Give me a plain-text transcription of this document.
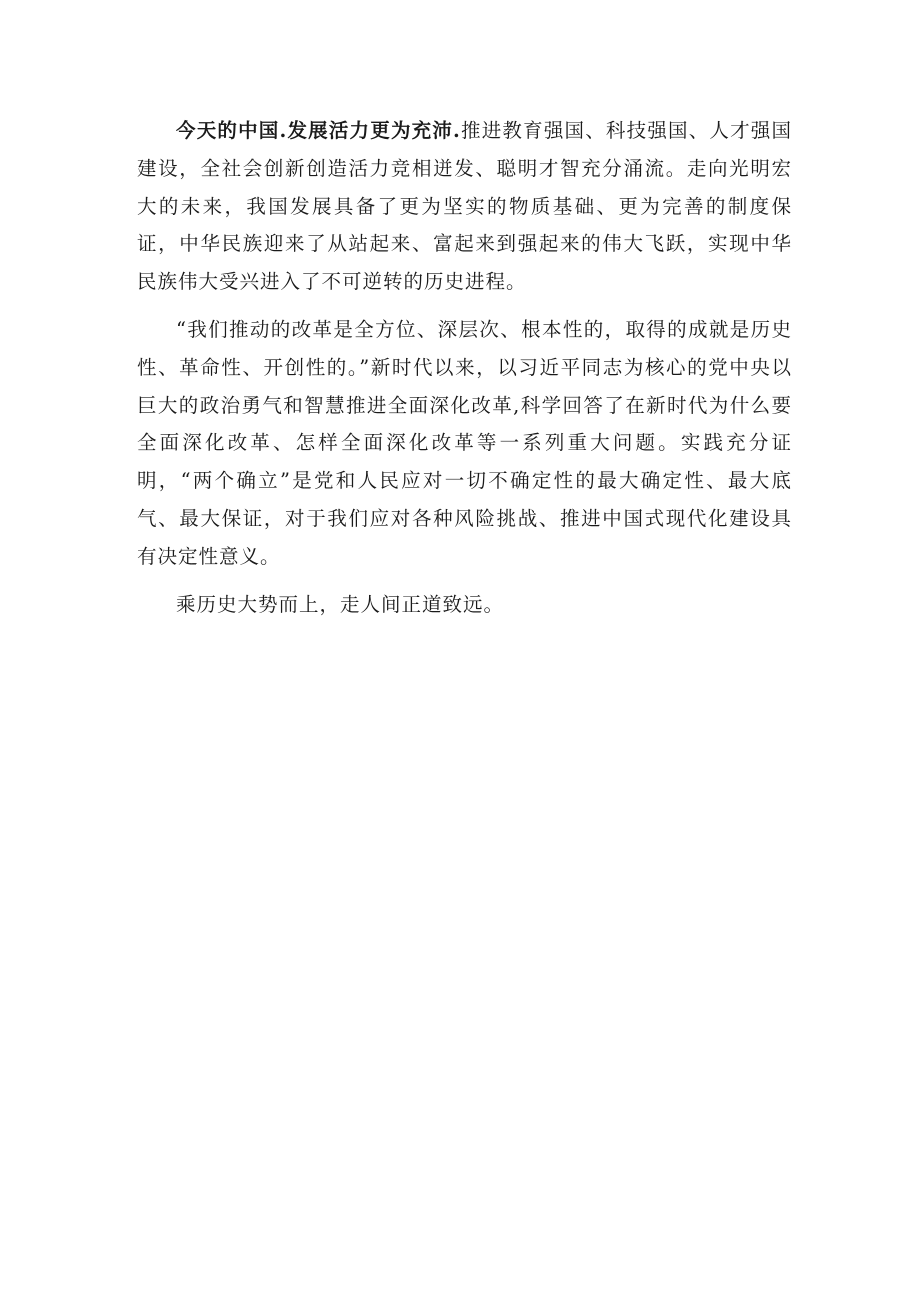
今天的中国.发展活力更为充沛.推进教育强国、科技强国、人才强国建设，全社会创新创造活力竞相迸发、聪明才智充分涌流。走向光明宏大的未来，我国发展具备了更为坚实的物质基础、更为完善的制度保证，中华民族迎来了从站起来、富起来到强起来的伟大飞跃，实现中华民族伟大受兴进入了不可逆转的历史进程。

“我们推动的改革是全方位、深层次、根本性的，取得的成就是历史性、革命性、开创性的。”新时代以来，以习近平同志为核心的党中央以巨大的政治勇气和智慧推进全面深化改革,科学回答了在新时代为什么要全面深化改革、怎样全面深化改革等一系列重大问题。实践充分证明，“两个确立”是党和人民应对一切不确定性的最大确定性、最大底气、最大保证，对于我们应对各种风险挑战、推进中国式现代化建设具有决定性意义。

乘历史大势而上，走人间正道致远。
